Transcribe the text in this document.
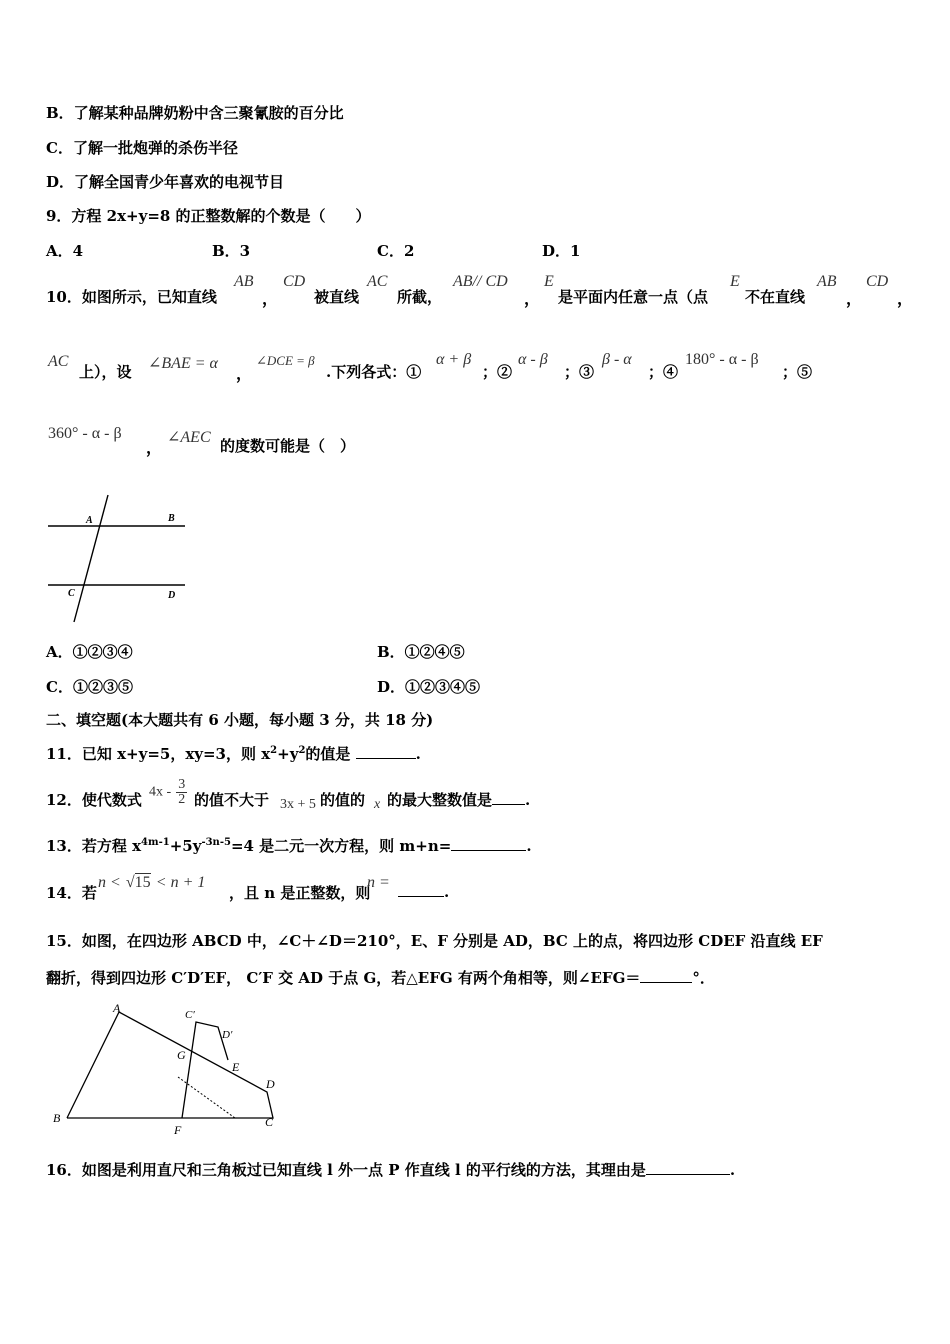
B．了解某种品牌奶粉中含三聚氰胺的百分比
C．了解一批炮弹的杀伤半径
D．了解全国青少年喜欢的电视节目
9．方程 2x+y=8 的正整数解的个数是（　　）
A．4	B．3	C．2	D．1
10．如图所示，已知直线
AB
，
CD
被直线
AC
所截，
AB// CD
，
E
是平面内任意一点（点
E
不在直线
AB
，
CD
，
AC
上），设 ∠BAE = α
，
∠DCE = β
.下列各式：①
α + β
；②
α - β
；③
β - α
；④
180° - α - β
；⑤
360° - α - β
，
∠AEC 的度数可能是（　）
A	B
C	D
A．①②③④	B．①②④⑤
C．①②③⑤	D．①②③④⑤
二、填空题(本大题共有 6 小题，每小题 3 分，共 18 分)
11．已知 x+y=5，xy=3，则 $x^2+y^2$的值是	.
12．使代数式 $4x - \frac{3}{2}$ 的值不大于 3x + 5 的值的 x 的最大整数值是 .
13．若方程 $x^{4m-1}+5y^{-3n-5}=4$ 是二元一次方程，则 m+n=	.
14．若
n < √15 < n + 1
，且 n 是正整数，则
n =
.
15．如图，在四边形 ABCD 中，∠C＋∠D＝210°，E、F 分别是 AD，BC 上的点，将四边形 CDEF 沿直线 EF
翻折，得到四边形 C′D′EF， C′F 交 AD 于点 G，若△EFG 有两个角相等，则∠EFG＝	°．
A
B	C
D
E
F
G
C′
D′
16．如图是利用直尺和三角板过已知直线 l 外一点 P 作直线 l 的平行线的方法，其理由是	.
